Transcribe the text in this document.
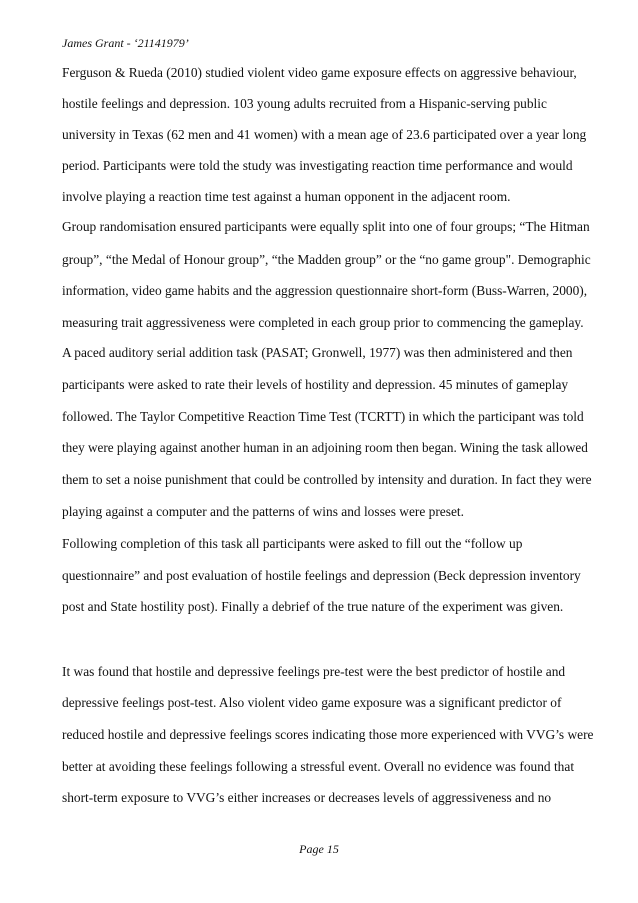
James Grant - ‘21141979’
Ferguson & Rueda (2010) studied violent video game exposure effects on aggressive behaviour,
hostile feelings and depression. 103 young adults recruited from a Hispanic-serving public
university in Texas (62 men and 41 women) with a mean age of 23.6 participated over a year long
period. Participants were told the study was investigating reaction time performance and would
involve playing a reaction time test against a human opponent in the adjacent room.
Group randomisation ensured participants were equally split into one of four groups; “The Hitman
group”, “the Medal of Honour group”, “the Madden group” or the “no game group". Demographic
information, video game habits and the aggression questionnaire short-form (Buss-Warren, 2000),
measuring trait aggressiveness were completed in each group prior to commencing the gameplay.
A paced auditory serial addition task (PASAT; Gronwell, 1977) was then administered and then
participants were asked to rate their levels of hostility and depression. 45 minutes of gameplay
followed. The Taylor Competitive Reaction Time Test (TCRTT) in which the participant was told
they were playing against another human in an adjoining room then began. Wining the task allowed
them to set a noise punishment that could be controlled by intensity and duration. In fact they were
playing against a computer and the patterns of wins and losses were preset.
Following completion of this task all participants were asked to fill out the “follow up
questionnaire” and post evaluation of hostile feelings and depression (Beck depression inventory
post and State hostility post). Finally a debrief of the true nature of the experiment was given.
It was found that hostile and depressive feelings pre-test were the best predictor of hostile and
depressive feelings post-test. Also violent video game exposure was a significant predictor of
reduced hostile and depressive feelings scores indicating those more experienced with VVG’s were
better at avoiding these feelings following a stressful event. Overall no evidence was found that
short-term exposure to VVG’s either increases or decreases levels of aggressiveness and no
Page 15
